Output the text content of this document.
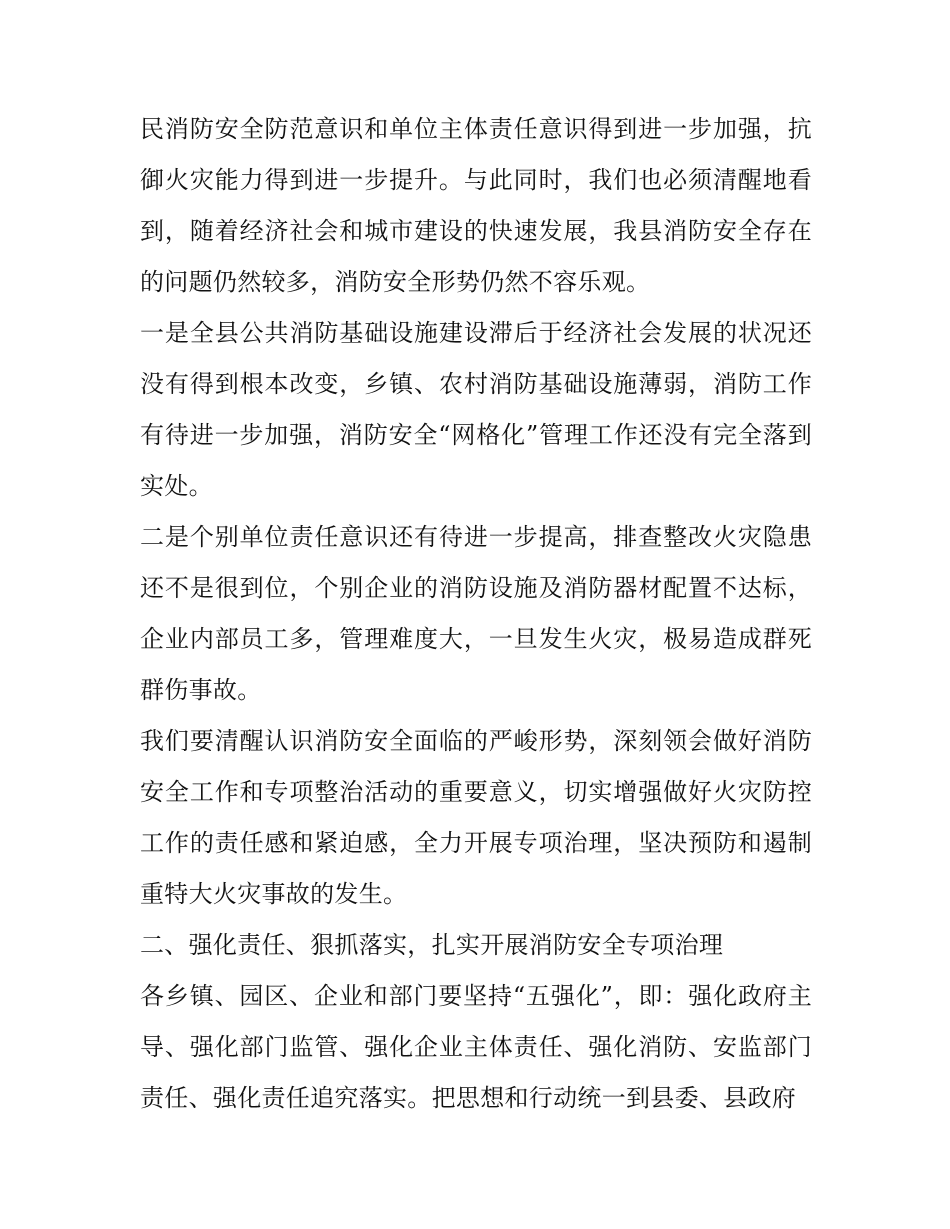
民消防安全防范意识和单位主体责任意识得到进一步加强，抗御火灾能力得到进一步提升。与此同时，我们也必须清醒地看到，随着经济社会和城市建设的快速发展，我县消防安全存在的问题仍然较多，消防安全形势仍然不容乐观。

一是全县公共消防基础设施建设滞后于经济社会发展的状况还没有得到根本改变，乡镇、农村消防基础设施薄弱，消防工作有待进一步加强，消防安全“网格化”管理工作还没有完全落到实处。

二是个别单位责任意识还有待进一步提高，排查整改火灾隐患还不是很到位，个别企业的消防设施及消防器材配置不达标，企业内部员工多，管理难度大，一旦发生火灾，极易造成群死群伤事故。

我们要清醒认识消防安全面临的严峻形势，深刻领会做好消防安全工作和专项整治活动的重要意义，切实增强做好火灾防控工作的责任感和紧迫感，全力开展专项治理，坚决预防和遏制重特大火灾事故的发生。

二、强化责任、狠抓落实，扎实开展消防安全专项治理

各乡镇、园区、企业和部门要坚持“五强化”，即：强化政府主导、强化部门监管、强化企业主体责任、强化消防、安监部门责任、强化责任追究落实。把思想和行动统一到县委、县政府
